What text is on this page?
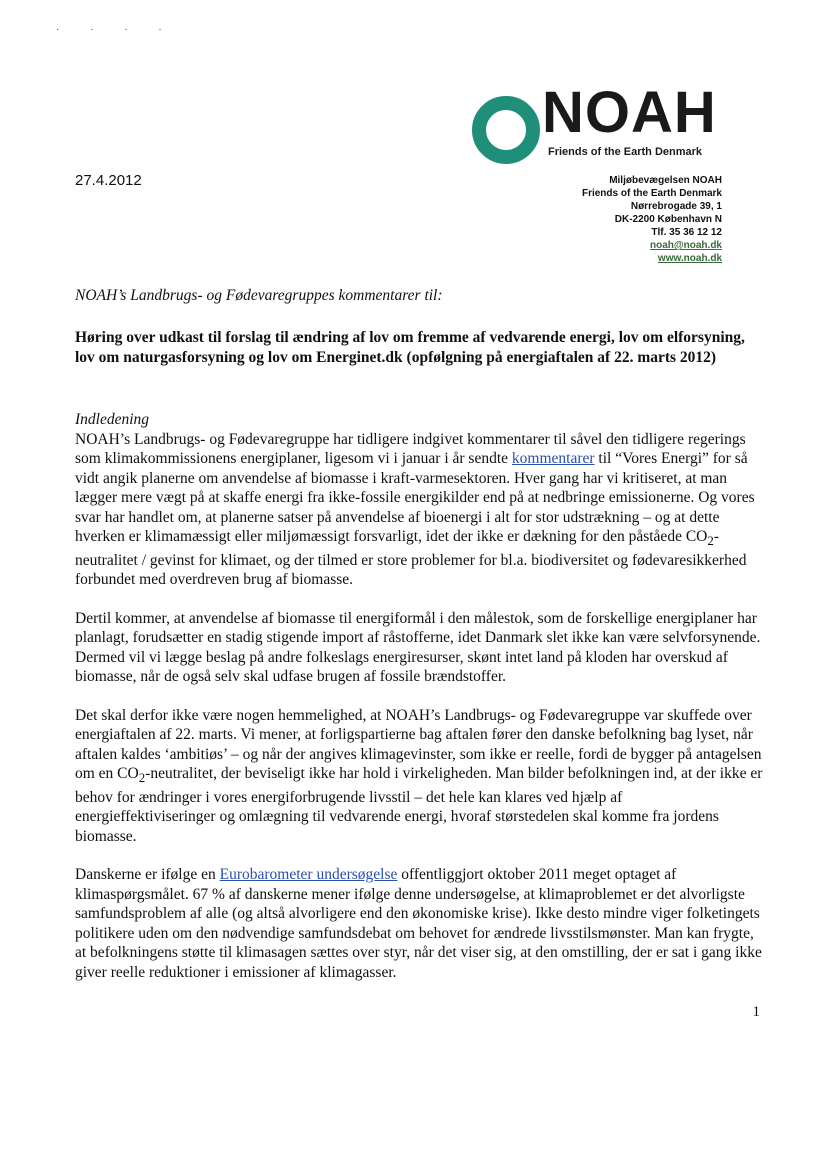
· · · ·
NOAH
Friends of the Earth Denmark
27.4.2012	Miljøbevægelsen NOAH
Friends of the Earth Denmark
Nørrebrogade 39, 1
DK-2200 København N
Tlf. 35 36 12 12
noah@noah.dk
www.noah.dk
NOAH’s Landbrugs- og Fødevaregruppes kommentarer til:
Høring over udkast til forslag til ændring af lov om fremme af vedvarende energi, lov om elforsyning, lov om naturgasforsyning og lov om Energinet.dk (opfølgning på energiaftalen af 22. marts 2012)
Indledening

NOAH’s Landbrugs- og Fødevaregruppe har tidligere indgivet kommentarer til såvel den tidligere regerings som klimakommissionens energiplaner, ligesom vi i januar i år sendte kommentarer til “Vores Energi” for så vidt angik planerne om anvendelse af biomasse i kraft-varmesektoren. Hver gang har vi kritiseret, at man lægger mere vægt på at skaffe energi fra ikke-fossile energikilder end på at nedbringe emissionerne. Og vores svar har handlet om, at planerne satser på anvendelse af bioenergi i alt for stor udstrækning – og at dette hverken er klimamæssigt eller miljømæssigt forsvarligt, idet der ikke er dækning for den påståede $CO_2$-neutralitet / gevinst for klimaet, og der tilmed er store problemer for bl.a. biodiversitet og fødevaresikkerhed forbundet med overdreven brug af biomasse.

Dertil kommer, at anvendelse af biomasse til energiformål i den målestok, som de forskellige energiplaner har planlagt, forudsætter en stadig stigende import af råstofferne, idet Danmark slet ikke kan være selvforsynende. Dermed vil vi lægge beslag på andre folkeslags energiresurser, skønt intet land på kloden har overskud af biomasse, når de også selv skal udfase brugen af fossile brændstoffer.

Det skal derfor ikke være nogen hemmelighed, at NOAH’s Landbrugs- og Fødevaregruppe var skuffede over energiaftalen af 22. marts. Vi mener, at forligspartierne bag aftalen fører den danske befolkning bag lyset, når aftalen kaldes ‘ambitiøs’ – og når der angives klimagevinster, som ikke er reelle, fordi de bygger på antagelsen om en $CO_2$-neutralitet, der beviseligt ikke har hold i virkeligheden. Man bilder befolkningen ind, at der ikke er behov for ændringer i vores energiforbrugende livsstil – det hele kan klares ved hjælp af energieffektiviseringer og omlægning til vedvarende energi, hvoraf størstedelen skal komme fra jordens biomasse.

Danskerne er ifølge en Eurobarometer undersøgelse offentliggjort oktober 2011 meget optaget af klimaspørgsmålet. 67 % af danskerne mener ifølge denne undersøgelse, at klimaproblemet er det alvorligste samfundsproblem af alle (og altså alvorligere end den økonomiske krise). Ikke desto mindre viger folketingets politikere uden om den nødvendige samfundsdebat om behovet for ændrede livsstilsmønster. Man kan frygte, at befolkningens støtte til klimasagen sættes over styr, når det viser sig, at den omstilling, der er sat i gang ikke giver reelle reduktioner i emissioner af klimagasser.

1
